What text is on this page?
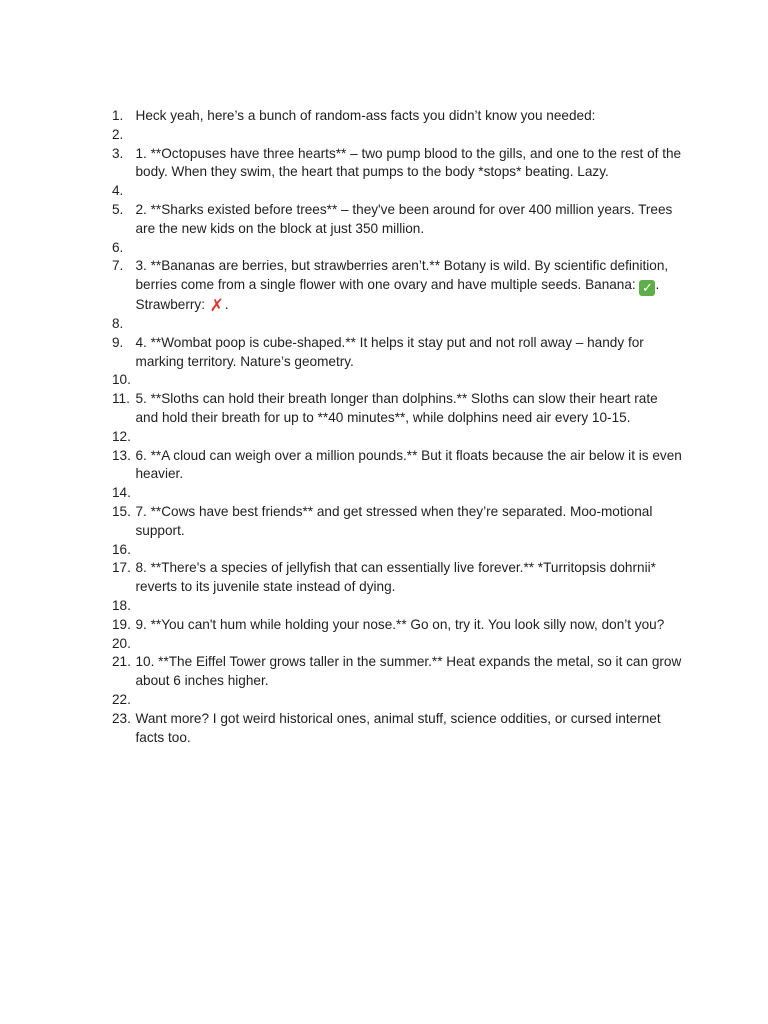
1. Heck yeah, here’s a bunch of random-ass facts you didn’t know you needed:
2.
3. 1. **Octopuses have three hearts** – two pump blood to the gills, and one to the rest of the body. When they swim, the heart that pumps to the body *stops* beating. Lazy.
4.
5. 2. **Sharks existed before trees** – they've been around for over 400 million years. Trees are the new kids on the block at just 350 million.
6.
7. 3. **Bananas are berries, but strawberries aren’t.** Botany is wild. By scientific definition, berries come from a single flower with one ovary and have multiple seeds. Banana: ✓ . Strawberry: ✗.
8.
9. 4. **Wombat poop is cube-shaped.** It helps it stay put and not roll away – handy for marking territory. Nature’s geometry.
10.
11. 5. **Sloths can hold their breath longer than dolphins.** Sloths can slow their heart rate and hold their breath for up to **40 minutes**, while dolphins need air every 10-15.
12.
13. 6. **A cloud can weigh over a million pounds.** But it floats because the air below it is even heavier.
14.
15. 7. **Cows have best friends** and get stressed when they’re separated. Moo-motional support.
16.
17. 8. **There's a species of jellyfish that can essentially live forever.** *Turritopsis dohrnii* reverts to its juvenile state instead of dying.
18.
19. 9. **You can't hum while holding your nose.** Go on, try it. You look silly now, don’t you?
20.
21. 10. **The Eiffel Tower grows taller in the summer.** Heat expands the metal, so it can grow about 6 inches higher.
22.
23. Want more? I got weird historical ones, animal stuff, science oddities, or cursed internet facts too.
